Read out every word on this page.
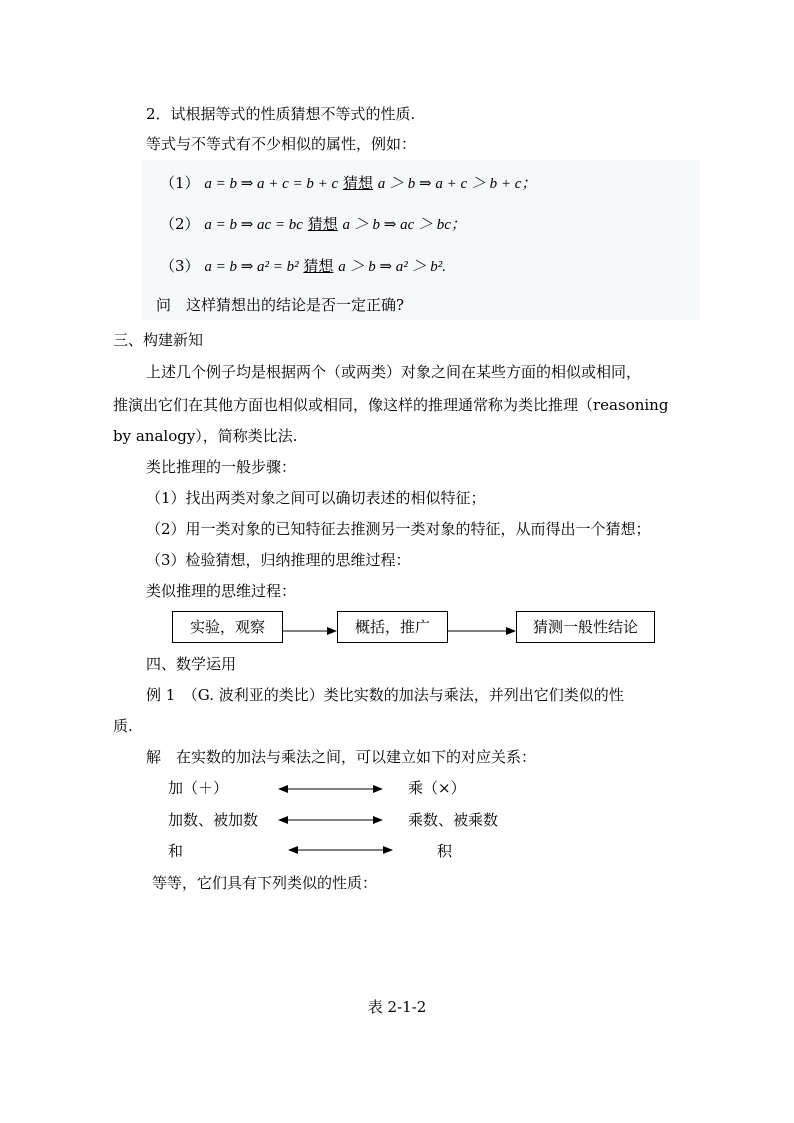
2．试根据等式的性质猜想不等式的性质.
等式与不等式有不少相似的属性，例如：
（1） a = b ⇒ a + c = b + c 猜想 a ＞ b ⇒ a + c ＞ b + c；
（2） a = b ⇒ ac = bc 猜想 a ＞ b ⇒ ac ＞ bc；
（3） a = b ⇒ a² = b² 猜想 a ＞ b ⇒ a² ＞ b².
问　这样猜想出的结论是否一定正确?
三、构建新知
上述几个例子均是根据两个（或两类）对象之间在某些方面的相似或相同，
推演出它们在其他方面也相似或相同，像这样的推理通常称为类比推理（reasoning
by analogy），简称类比法.
类比推理的一般步骤：
（1）找出两类对象之间可以确切表述的相似特征；
（2）用一类对象的已知特征去推测另一类对象的特征，从而得出一个猜想；
（3）检验猜想，归纳推理的思维过程：
类似推理的思维过程：
实验，观察	概括，推广	猜测一般性结论
四、数学运用
例 1　（G. 波利亚的类比）类比实数的加法与乘法，并列出它们类似的性
质.
解　在实数的加法与乘法之间，可以建立如下的对应关系：
加（＋）	乘（×）
加数、被加数	乘数、被乘数
和	积
等等，它们具有下列类似的性质：
表 2-1-2
